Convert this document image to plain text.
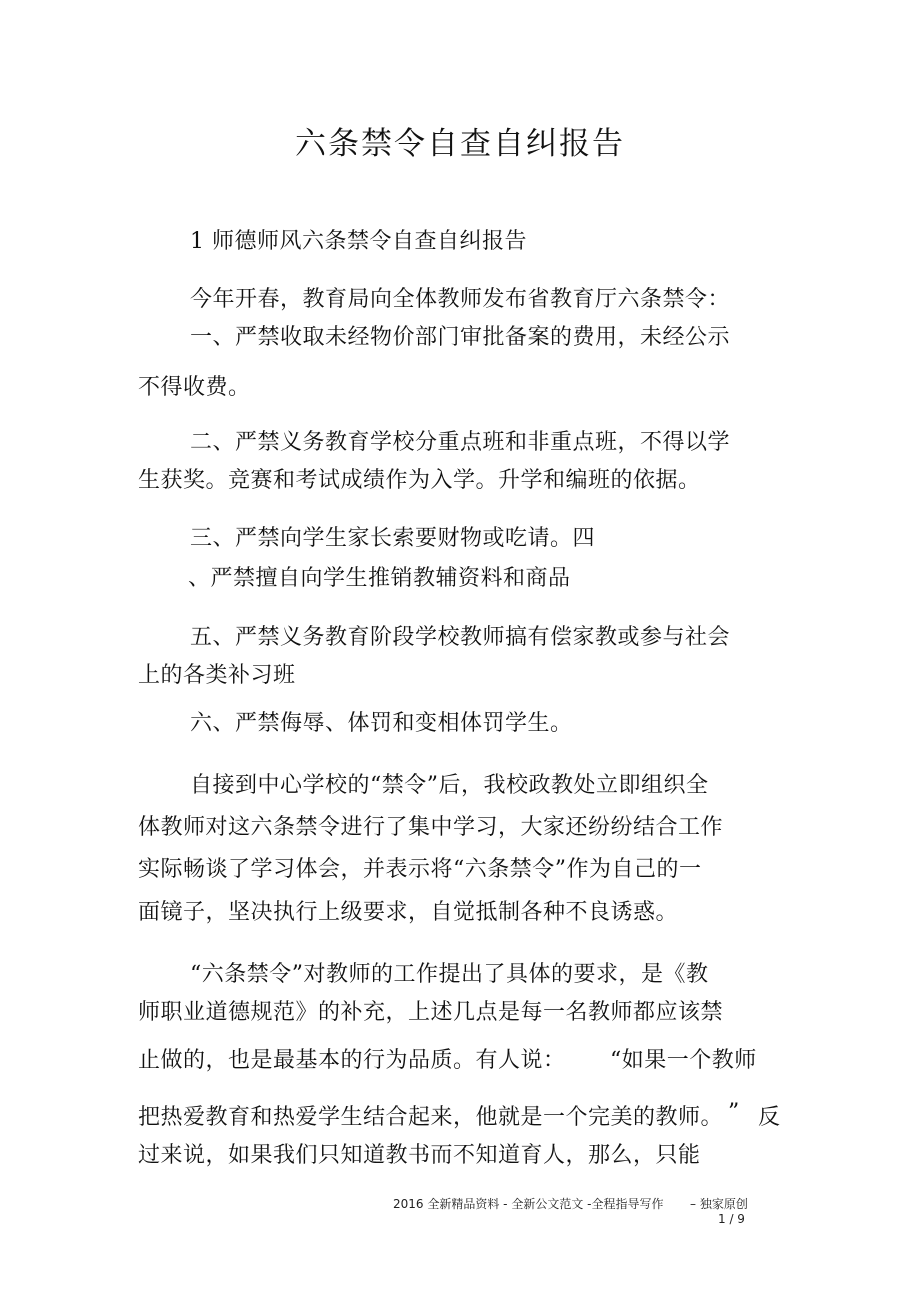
六条禁令自查自纠报告
1 师德师风六条禁令自查自纠报告
今年开春，教育局向全体教师发布省教育厅六条禁令：
一、严禁收取未经物价部门审批备案的费用，未经公示
不得收费。
二、严禁义务教育学校分重点班和非重点班，不得以学
生获奖。竞赛和考试成绩作为入学。升学和编班的依据。
三、严禁向学生家长索要财物或吃请。四
、严禁擅自向学生推销教辅资料和商品
五、严禁义务教育阶段学校教师搞有偿家教或参与社会
上的各类补习班
六、严禁侮辱、体罚和变相体罚学生。
自接到中心学校的“禁令”后，我校政教处立即组织全
体教师对这六条禁令进行了集中学习，大家还纷纷结合工作
实际畅谈了学习体会，并表示将“六条禁令”作为自己的一
面镜子，坚决执行上级要求，自觉抵制各种不良诱惑。
“六条禁令”对教师的工作提出了具体的要求，是《教
师职业道德规范》的补充，上述几点是每一名教师都应该禁
止做的，也是最基本的行为品质。有人说： “如果一个教师
把热爱教育和热爱学生结合起来，他就是一个完美的教师。 ” 反
过来说，如果我们只知道教书而不知道育人，那么，只能
2016 全新精品资料 - 全新公文范文 -全程指导写作 – 独家原创
1 / 9
